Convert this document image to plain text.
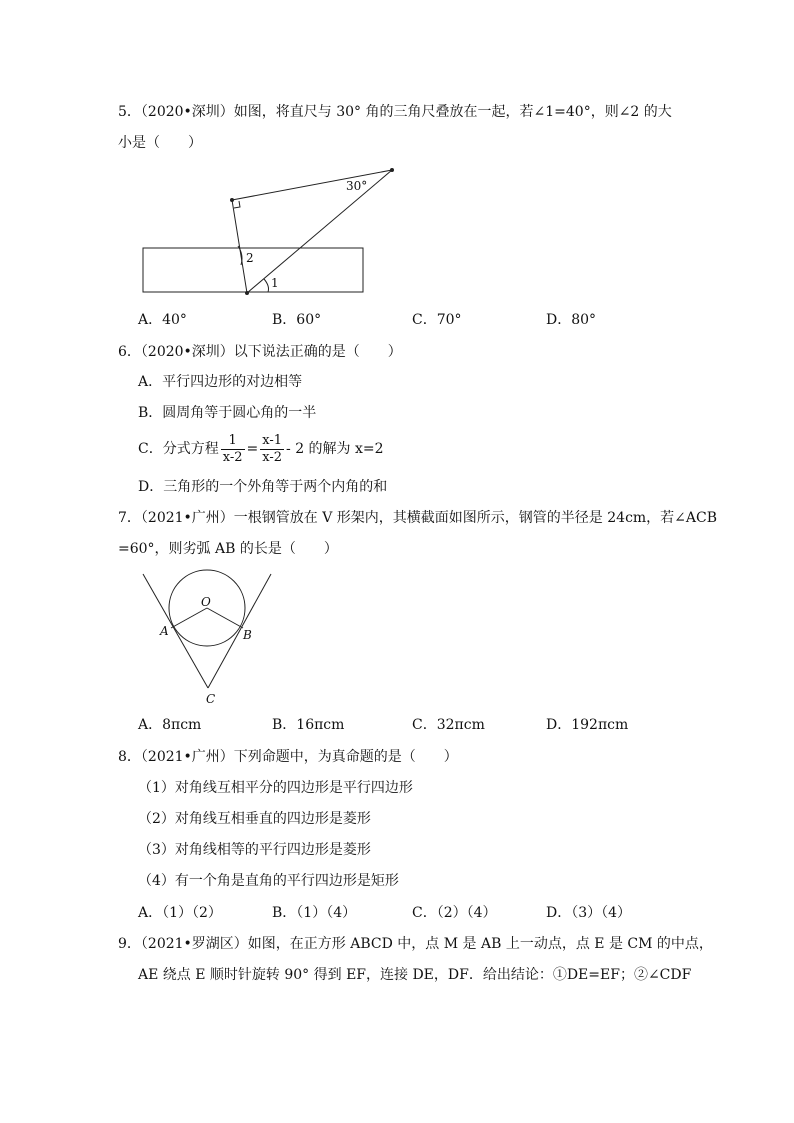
5．（2020•深圳）如图，将直尺与 30° 角的三角尺叠放在一起，若∠1=40°，则∠2 的大
小是（　　）
30°
2
1
A．40°	B．60°	C．70°	D．80°
6．（2020•深圳）以下说法正确的是（　　）
A．平行四边形的对边相等
B．圆周角等于圆心角的一半
C．分式方程 $\frac{1}{x-2} = \frac{x-1}{x-2} - 2$ 的解为 x=2
D．三角形的一个外角等于两个内角的和
7．（2021•广州）一根钢管放在 V 形架内，其横截面如图所示，钢管的半径是 24cm，若∠ACB
=60°，则劣弧 AB 的长是（　　）
O
A	B
C
A．8πcm	B．16πcm	C．32πcm	D．192πcm
8．（2021•广州）下列命题中，为真命题的是（　　）
（1）对角线互相平分的四边形是平行四边形
（2）对角线互相垂直的四边形是菱形
（3）对角线相等的平行四边形是菱形
（4）有一个角是直角的平行四边形是矩形
A．（1）（2）	B．（1）（4）	C．（2）（4）	D．（3）（4）
9．（2021•罗湖区）如图，在正方形 ABCD 中，点 M 是 AB 上一动点，点 E 是 CM 的中点，
AE 绕点 E 顺时针旋转 90° 得到 EF，连接 DE，DF．给出结论：①DE=EF；②∠CDF
